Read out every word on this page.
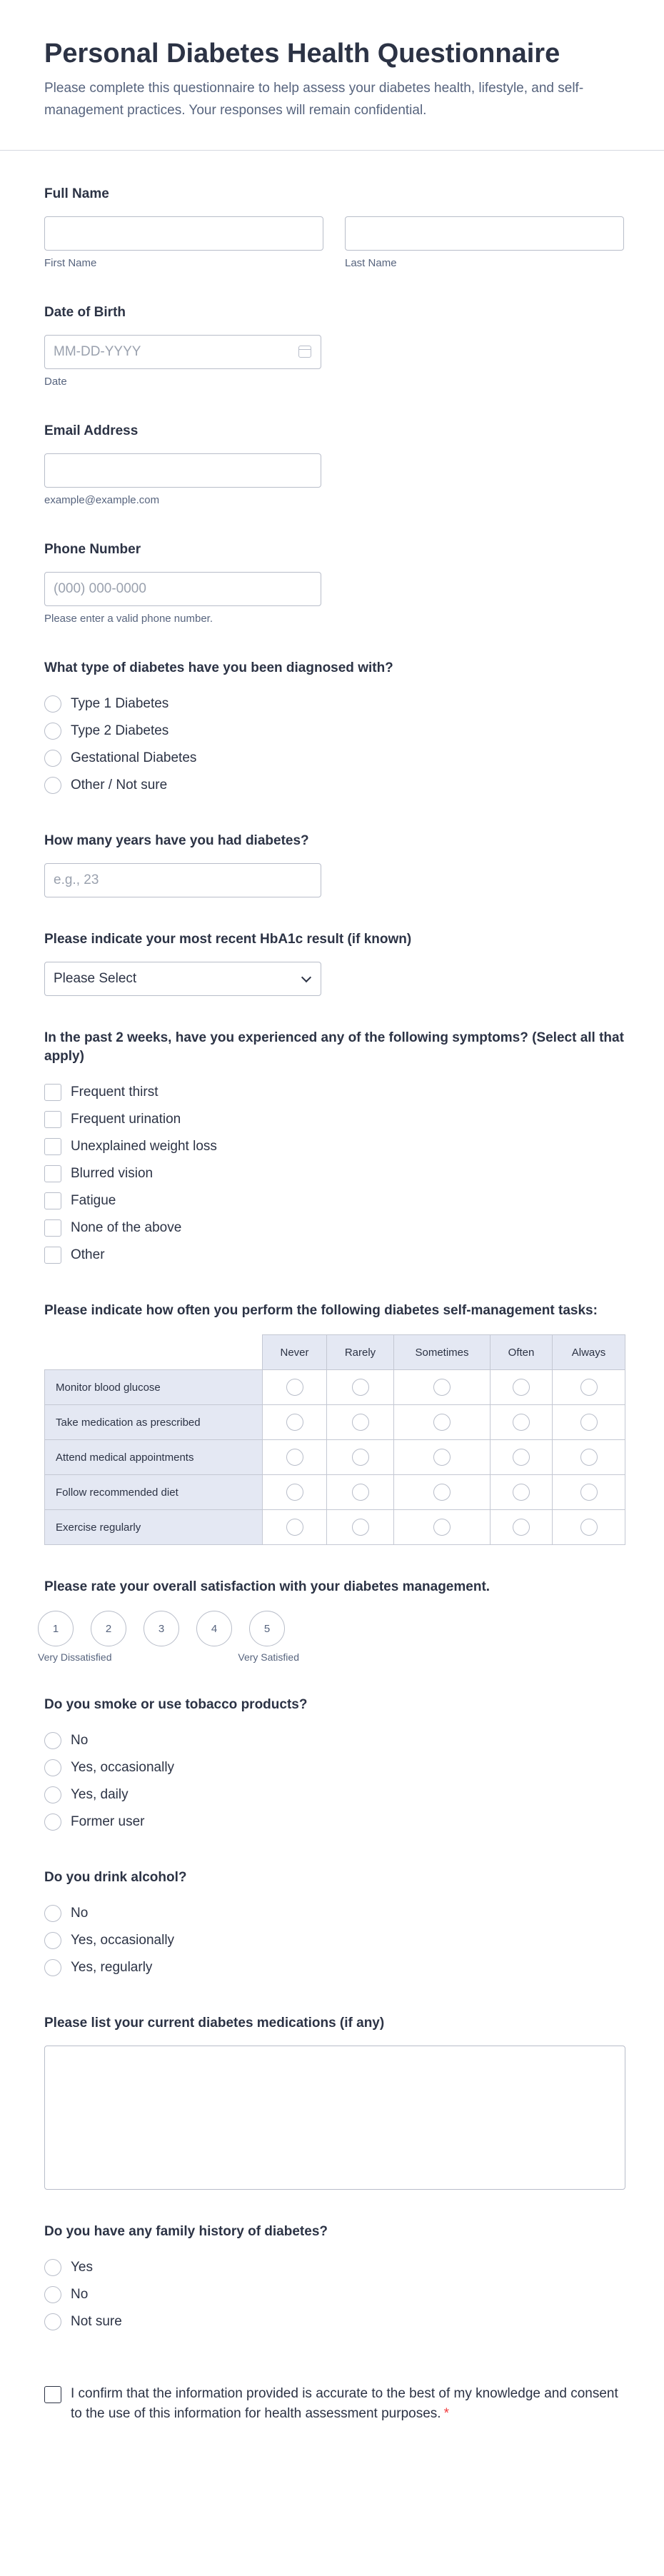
Personal Diabetes Health Questionnaire

Please complete this questionnaire to help assess your diabetes health, lifestyle, and self-management practices. Your responses will remain confidential.

Full Name
First Name	Last Name
Date of Birth
MM-DD-YYYY
Date
Email Address
example@example.com
Phone Number
(000) 000-0000
Please enter a valid phone number.
What type of diabetes have you been diagnosed with?
Type 1 Diabetes
Type 2 Diabetes
Gestational Diabetes
Other / Not sure
How many years have you had diabetes?
e.g., 23
Please indicate your most recent HbA1c result (if known)
Please Select
In the past 2 weeks, have you experienced any of the following symptoms? (Select all that apply)
Frequent thirst
Frequent urination
Unexplained weight loss
Blurred vision
Fatigue
None of the above
Other
Please indicate how often you perform the following diabetes self-management tasks:
	Never	Rarely	Sometimes	Often	Always
Monitor blood glucose					
Take medication as prescribed					
Attend medical appointments					
Follow recommended diet					
Exercise regularly					
Please rate your overall satisfaction with your diabetes management.
1	2	3	4	5
Very Dissatisfied	Very Satisfied
Do you smoke or use tobacco products?
No
Yes, occasionally
Yes, daily
Former user
Do you drink alcohol?
No
Yes, occasionally
Yes, regularly
Please list your current diabetes medications (if any)
Do you have any family history of diabetes?
Yes
No
Not sure
I confirm that the information provided is accurate to the best of my knowledge and consent to the use of this information for health assessment purposes. *
